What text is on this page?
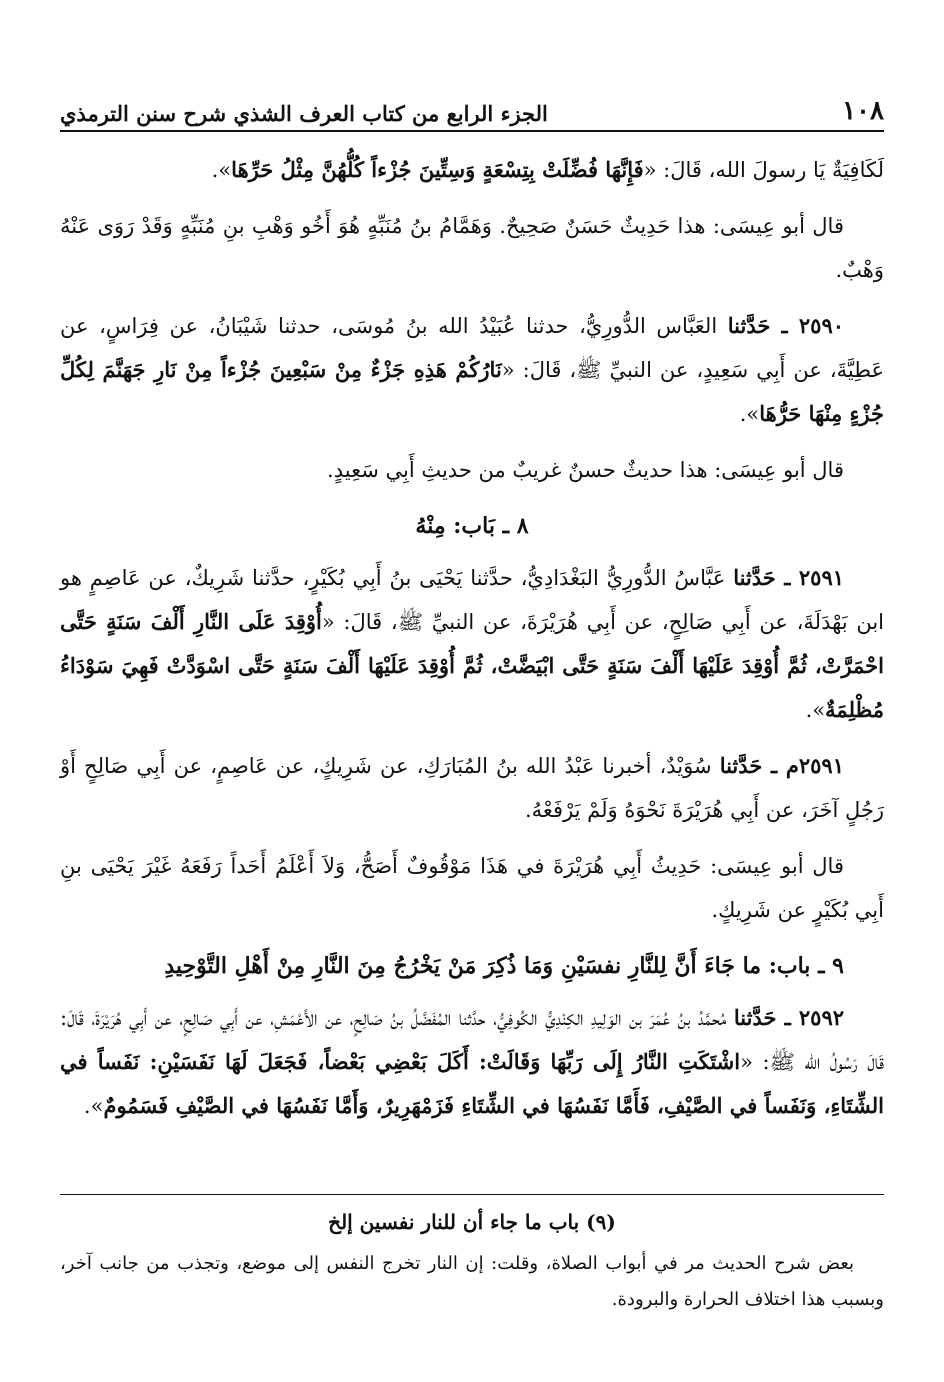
١٠٨
الجزء الرابع من كتاب العرف الشذي شرح سنن الترمذي

لَكَافِيَةٌ يَا رسولَ الله، قَالَ: «فَإِنَّهَا فُضِّلَتْ بِتِسْعَةٍ وَسِتِّينَ جُزْءاً كُلُّهُنَّ مِثْلُ حَرِّهَا».

قال أبو عِيسَى: هذا حَدِيثٌ حَسَنٌ صَحِيحٌ. وَهَمَّامُ بنُ مُنَبِّهٍ هُوَ أَخُو وَهْبِ بنِ مُنَبِّهٍ وَقَدْ رَوَى عَنْهُ وَهْبٌ.

٢٥٩٠ ـ حَدَّثنا العَبَّاس الدُّورِيُّ، حدثنا عُبَيْدُ الله بنُ مُوسَى، حدثنا شَيْبَانُ، عن فِرَاسٍ، عن عَطِيَّةَ، عن أَبِي سَعِيدٍ، عن النبيِّ ﷺ، قَالَ: «نَارُكُمْ هَذِهِ جَزْءٌ مِنْ سَبْعِينَ جُزْءاً مِنْ نَارِ جَهَنَّمَ لِكُلِّ جُزْءٍ مِنْهَا حَرُّهَا».

قال أبو عِيسَى: هذا حديثٌ حسنٌ غريبٌ من حديثِ أَبِي سَعِيدٍ.

٨ ـ بَاب: مِنْهُ

٢٥٩١ ـ حَدَّثنا عَبَّاسُ الدُّورِيُّ البَغْدَادِيُّ، حدَّثنا يَحْيَى بنُ أَبِي بُكَيْرٍ، حدَّثنا شَرِيكٌ، عن عَاصِمٍ هو ابن بَهْدَلَةَ، عن أَبِي صَالِحٍ، عن أَبِي هُرَيْرَةَ، عن النبيِّ ﷺ، قَالَ: «أُوْقِدَ عَلَى النَّارِ أَلْفَ سَنَةٍ حَتَّى احْمَرَّتْ، ثُمَّ أُوْقِدَ عَلَيْهَا أَلْفَ سَنَةٍ حَتَّى ابْيَضَّتْ، ثُمَّ أُوْقِدَ عَلَيْهَا أَلْفَ سَنَةٍ حَتَّى اسْوَدَّتْ فَهِيَ سَوْدَاءُ مُظْلِمَةٌ».

٢٥٩١م ـ حَدَّثنا سُوَيْدٌ، أخبرنا عَبْدُ الله بنُ المُبَارَكِ، عن شَرِيكٍ، عن عَاصِمٍ، عن أَبِي صَالِحٍ أَوْ رَجُلٍ آخَرَ، عن أَبِي هُرَيْرَةَ نَحْوَهُ وَلَمْ يَرْفَعْهُ.

قال أبو عِيسَى: حَدِيثُ أَبِي هُرَيْرَةَ في هَذَا مَوْقُوفٌ أَصَحُّ، وَلاَ أَعْلَمُ أَحَداً رَفَعَهُ غَيْرَ يَحْيَى بنِ أَبِي بُكَيْرٍ عن شَرِيكٍ.

٩ ـ باب: ما جَاءَ أَنَّ لِلنَّارِ نفسَيْنِ وَمَا ذُكِرَ مَنْ يَخْرُجُ مِنَ النَّارِ مِنْ أَهْلِ التَّوْحِيدِ

٢٥٩٢ ـ حَدَّثنا مُحمَّدُ بنُ عُمَرَ بن الوَلِيدِ الكِنْدِيُّ الكُوفِيُّ، حدَّثنا المُفَضَّلُ بنُ صَالِحٍ، عن الأَعْمَشِ، عن أَبِي صَالِحٍ، عن أَبِي هُرَيْرَةَ، قَالَ: قَالَ رَسُولُ الله ﷺ: «اشْتَكَتِ النَّارُ إِلَى رَبِّهَا وَقَالَتْ: أَكَلَ بَعْضِي بَعْضاً، فَجَعَلَ لَهَا نَفَسَيْنِ: نَفَساً في الشِّتَاءِ، وَنَفَساً في الصَّيْفِ، فَأَمَّا نَفَسُهَا في الشِّتَاءِ فَزَمْهَرِيرٌ، وَأَمَّا نَفَسُهَا في الصَّيْفِ فَسَمُومٌ».

(٩) باب ما جاء أن للنار نفسين إلخ

بعض شرح الحديث مر في أبواب الصلاة، وقلت: إن النار تخرج النفس إلى موضع، وتجذب من جانب آخر، وبسبب هذا اختلاف الحرارة والبرودة.
